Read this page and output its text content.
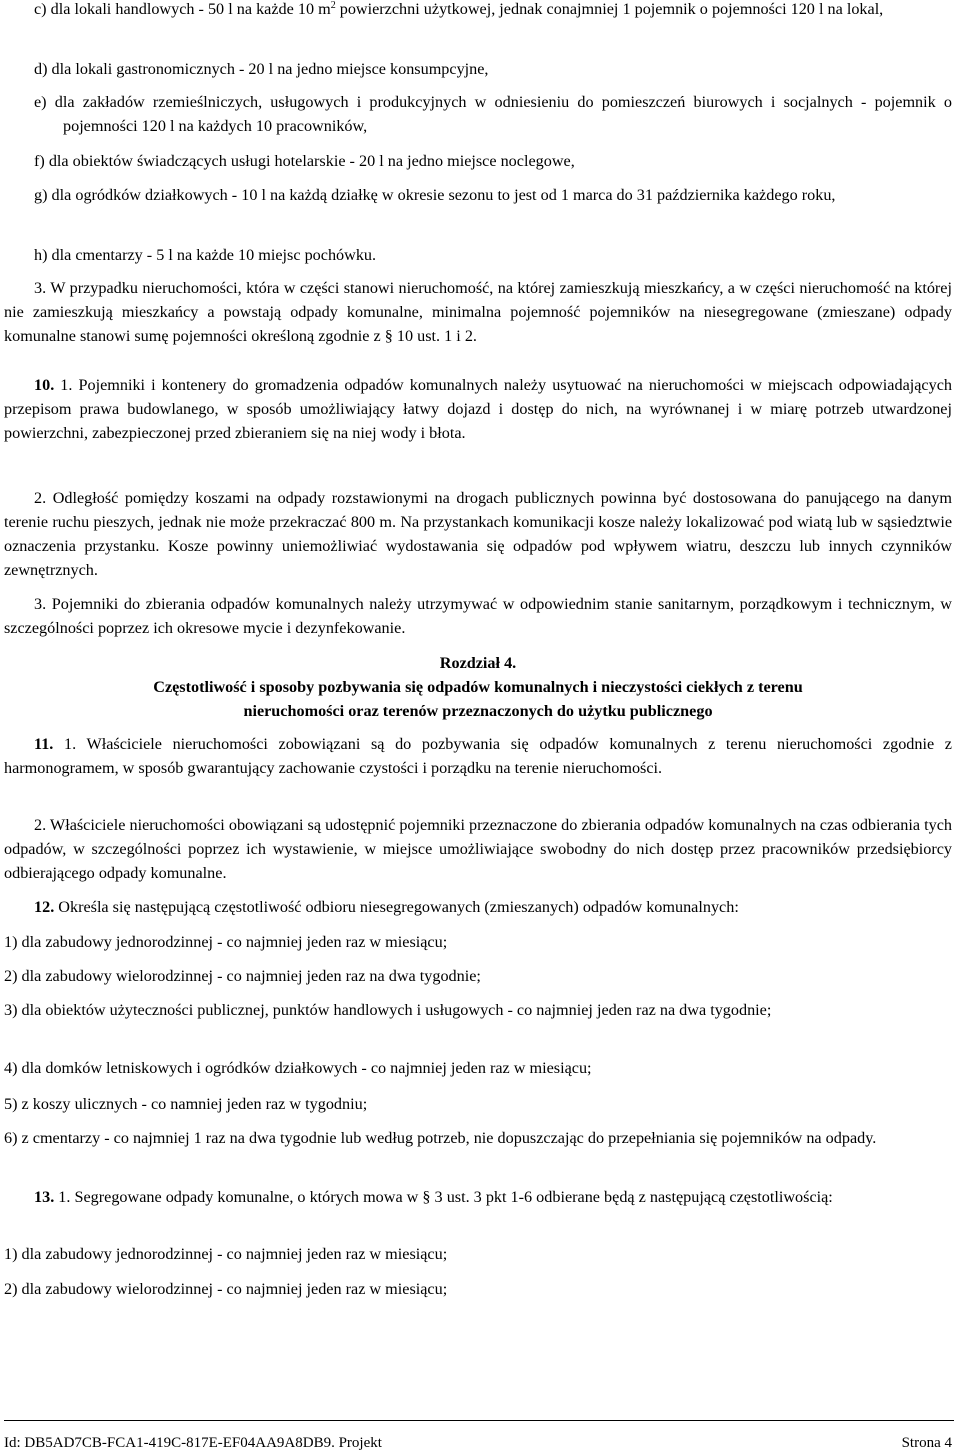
c) dla lokali handlowych - 50 l na każde 10 $m^2$ powierzchni użytkowej, jednak conajmniej 1 pojemnik o pojemności 120 l na lokal,

d) dla lokali gastronomicznych - 20 l na jedno miejsce konsumpcyjne,

e) dla zakładów rzemieślniczych, usługowych i produkcyjnych w odniesieniu do pomieszczeń biurowych i socjalnych - pojemnik o pojemności 120 l na każdych 10 pracowników,

f) dla obiektów świadczących usługi hotelarskie - 20 l na jedno miejsce noclegowe,

g) dla ogródków działkowych - 10 l na każdą działkę w okresie sezonu to jest od 1 marca do 31 października każdego roku,

h) dla cmentarzy - 5 l na każde 10 miejsc pochówku.

3. W przypadku nieruchomości, która w części stanowi nieruchomość, na której zamieszkują mieszkańcy, a w części nieruchomość na której nie zamieszkują mieszkańcy a powstają odpady komunalne, minimalna pojemność pojemników na niesegregowane (zmieszane) odpady komunalne stanowi sumę pojemności określoną zgodnie z § 10 ust. 1 i 2.

10. 1. Pojemniki i kontenery do gromadzenia odpadów komunalnych należy usytuować na nieruchomości w miejscach odpowiadających przepisom prawa budowlanego, w sposób umożliwiający łatwy dojazd i dostęp do nich, na wyrównanej i w miarę potrzeb utwardzonej powierzchni, zabezpieczonej przed zbieraniem się na niej wody i błota.

2. Odległość pomiędzy koszami na odpady rozstawionymi na drogach publicznych powinna być dostosowana do panującego na danym terenie ruchu pieszych, jednak nie może przekraczać 800 m. Na przystankach komunikacji kosze należy lokalizować pod wiatą lub w sąsiedztwie oznaczenia przystanku. Kosze powinny uniemożliwiać wydostawania się odpadów pod wpływem wiatru, deszczu lub innych czynników zewnętrznych.

3. Pojemniki do zbierania odpadów komunalnych należy utrzymywać w odpowiednim stanie sanitarnym, porządkowym i technicznym, w szczególności poprzez ich okresowe mycie i dezynfekowanie.

Rozdział 4.

Częstotliwość i sposoby pozbywania się odpadów komunalnych i nieczystości ciekłych z terenu

nieruchomości oraz terenów przeznaczonych do użytku publicznego

11. 1. Właściciele nieruchomości zobowiązani są do pozbywania się odpadów komunalnych z terenu nieruchomości zgodnie z harmonogramem, w sposób gwarantujący zachowanie czystości i porządku na terenie nieruchomości.

2. Właściciele nieruchomości obowiązani są udostępnić pojemniki przeznaczone do zbierania odpadów komunalnych na czas odbierania tych odpadów, w szczególności poprzez ich wystawienie, w miejsce umożliwiające swobodny do nich dostęp przez pracowników przedsiębiorcy odbierającego odpady komunalne.

12. Określa się następującą częstotliwość odbioru niesegregowanych (zmieszanych) odpadów komunalnych:

1) dla zabudowy jednorodzinnej - co najmniej jeden raz w miesiącu;

2) dla zabudowy wielorodzinnej - co najmniej jeden raz na dwa tygodnie;

3) dla obiektów użyteczności publicznej, punktów handlowych i usługowych - co najmniej jeden raz na dwa tygodnie;

4) dla domków letniskowych i ogródków działkowych - co najmniej jeden raz w miesiącu;

5) z koszy ulicznych - co namniej jeden raz w tygodniu;

6) z cmentarzy - co najmniej 1 raz na dwa tygodnie lub według potrzeb, nie dopuszczając do przepełniania się pojemników na odpady.

13. 1. Segregowane odpady komunalne, o których mowa w § 3 ust. 3 pkt 1-6 odbierane będą z następującą częstotliwością:

1) dla zabudowy jednorodzinnej - co najmniej jeden raz w miesiącu;

2) dla zabudowy wielorodzinnej - co najmniej jeden raz w miesiącu;

Id: DB5AD7CB-FCA1-419C-817E-EF04AA9A8DB9. Projekt	Strona 4
